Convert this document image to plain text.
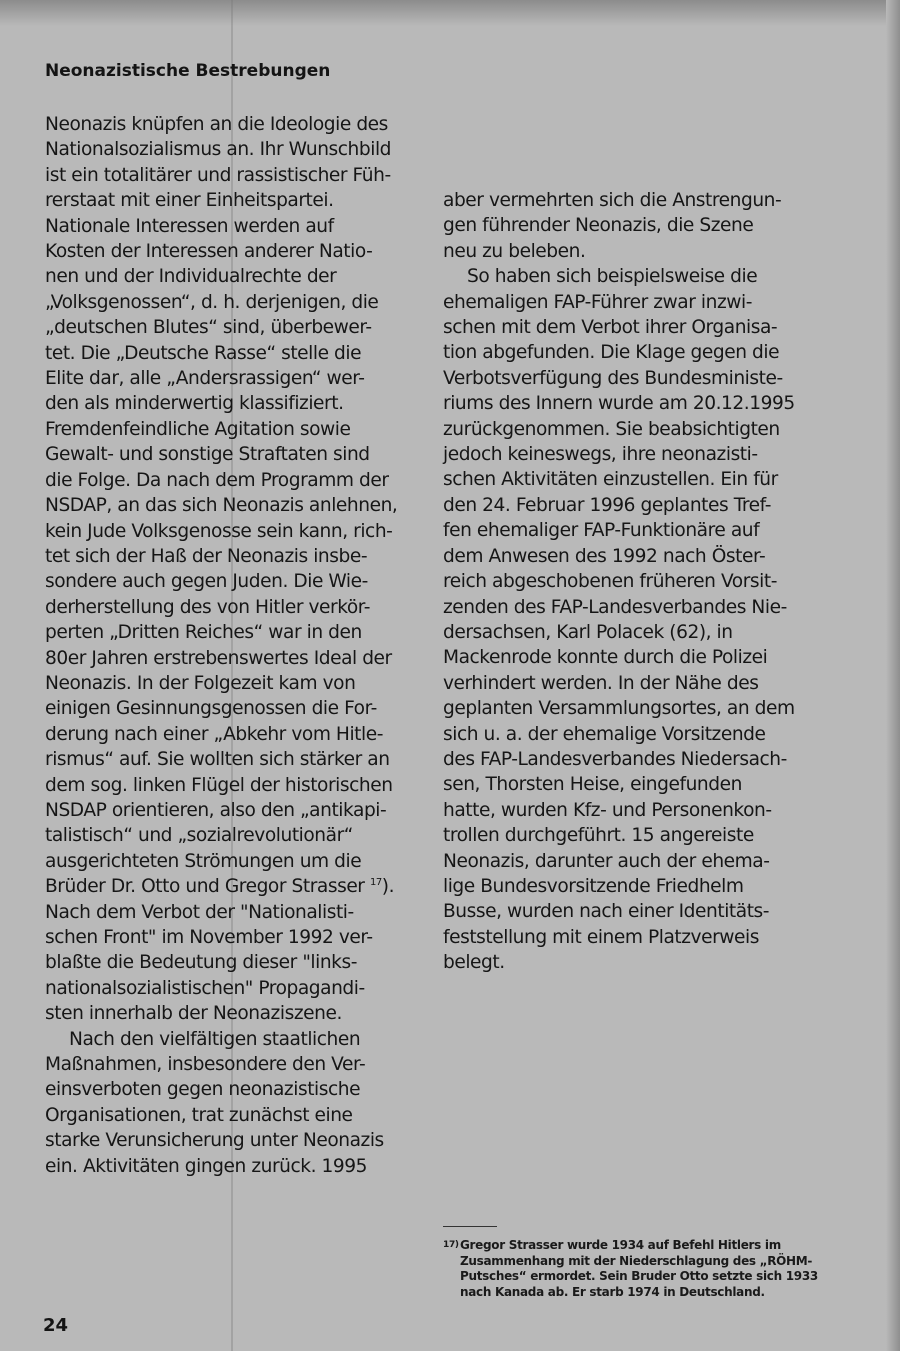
Neonazistische Bestrebungen

Neonazis knüpfen an die Ideologie des
Nationalsozialismus an. Ihr Wunschbild
ist ein totalitärer und rassistischer Füh-
rerstaat mit einer Einheitspartei.
Nationale Interessen werden auf
Kosten der Interessen anderer Natio-
nen und der Individualrechte der
„Volksgenossen“, d. h. derjenigen, die
„deutschen Blutes“ sind, überbewer-
tet. Die „Deutsche Rasse“ stelle die
Elite dar, alle „Andersrassigen“ wer-
den als minderwertig klassifiziert.
Fremdenfeindliche Agitation sowie
Gewalt- und sonstige Straftaten sind
die Folge. Da nach dem Programm der
NSDAP, an das sich Neonazis anlehnen,
kein Jude Volksgenosse sein kann, rich-
tet sich der Haß der Neonazis insbe-
sondere auch gegen Juden. Die Wie-
derherstellung des von Hitler verkör-
perten „Dritten Reiches“ war in den
80er Jahren erstrebenswertes Ideal der
Neonazis. In der Folgezeit kam von
einigen Gesinnungsgenossen die For-
derung nach einer „Abkehr vom Hitle-
rismus“ auf. Sie wollten sich stärker an
dem sog. linken Flügel der historischen
NSDAP orientieren, also den „antikapi-
talistisch“ und „sozialrevolutionär“
ausgerichteten Strömungen um die
Brüder Dr. Otto und Gregor Strasser $^{17}$).
Nach dem Verbot der "Nationalisti-
schen Front" im November 1992 ver-
blaßte die Bedeutung dieser "links-
nationalsozialistischen" Propagandi-
sten innerhalb der Neonaziszene.

Nach den vielfältigen staatlichen
Maßnahmen, insbesondere den Ver-
einsverboten gegen neonazistische
Organisationen, trat zunächst eine
starke Verunsicherung unter Neonazis
ein. Aktivitäten gingen zurück. 1995

aber vermehrten sich die Anstrengun-
gen führender Neonazis, die Szene
neu zu beleben.

So haben sich beispielsweise die
ehemaligen FAP-Führer zwar inzwi-
schen mit dem Verbot ihrer Organisa-
tion abgefunden. Die Klage gegen die
Verbotsverfügung des Bundesministe-
riums des Innern wurde am 20.12.1995
zurückgenommen. Sie beabsichtigten
jedoch keineswegs, ihre neonazisti-
schen Aktivitäten einzustellen. Ein für
den 24. Februar 1996 geplantes Tref-
fen ehemaliger FAP-Funktionäre auf
dem Anwesen des 1992 nach Öster-
reich abgeschobenen früheren Vorsit-
zenden des FAP-Landesverbandes Nie-
dersachsen, Karl Polacek (62), in
Mackenrode konnte durch die Polizei
verhindert werden. In der Nähe des
geplanten Versammlungsortes, an dem
sich u. a. der ehemalige Vorsitzende
des FAP-Landesverbandes Niedersach-
sen, Thorsten Heise, eingefunden
hatte, wurden Kfz- und Personenkon-
trollen durchgeführt. 15 angereiste
Neonazis, darunter auch der ehema-
lige Bundesvorsitzende Friedhelm
Busse, wurden nach einer Identitäts-
feststellung mit einem Platzverweis
belegt.

17) Gregor Strasser wurde 1934 auf Befehl Hitlers im
Zusammenhang mit der Niederschlagung des „RÖHM-
Putsches“ ermordet. Sein Bruder Otto setzte sich 1933
nach Kanada ab. Er starb 1974 in Deutschland.
24
